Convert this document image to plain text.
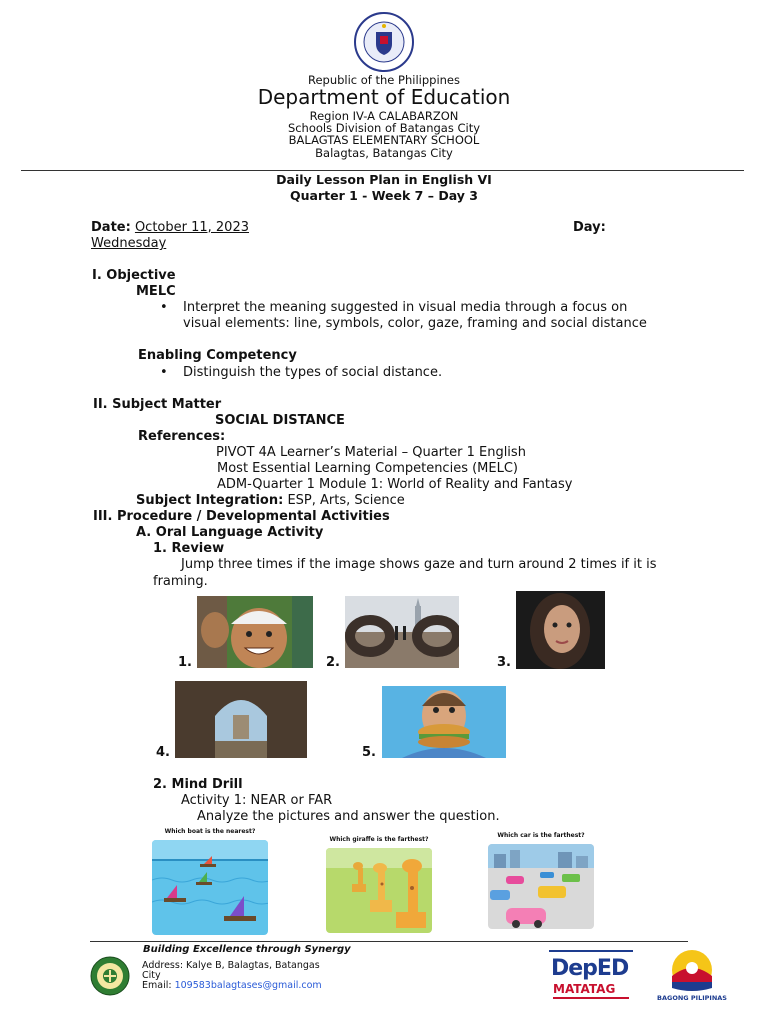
Republic of the Philippines
Department of Education
Region IV-A CALABARZON
Schools Division of Batangas City
BALAGTAS ELEMENTARY SCHOOL
Balagtas, Batangas City
Daily Lesson Plan in English VI
Quarter 1 - Week 7 – Day 3
Date: October 11, 2023	Day:
Wednesday
I. Objective
MELC
• Interpret the meaning suggested in visual media through a focus on
visual elements: line, symbols, color, gaze, framing and social distance
Enabling Competency
• Distinguish the types of social distance.
II. Subject Matter
SOCIAL DISTANCE
References:
PIVOT 4A Learner’s Material – Quarter 1 English
Most Essential Learning Competencies (MELC)
ADM-Quarter 1 Module 1: World of Reality and Fantasy
Subject Integration: ESP, Arts, Science
III. Procedure / Developmental Activities
A. Oral Language Activity
1. Review
Jump three times if the image shows gaze and turn around 2 times if it is
framing.
1.	2.	3.
4.	5.
2. Mind Drill
Activity 1: NEAR or FAR
Analyze the pictures and answer the question.
Which boat is the nearest?
Which giraffe is the farthest?
Which car is the farthest?
Building Excellence through Synergy
Address: Kalye B, Balagtas, Batangas
City
Email: 109583balagtases@gmail.com
DepED
MATATAG
BAGONG PILIPINAS
